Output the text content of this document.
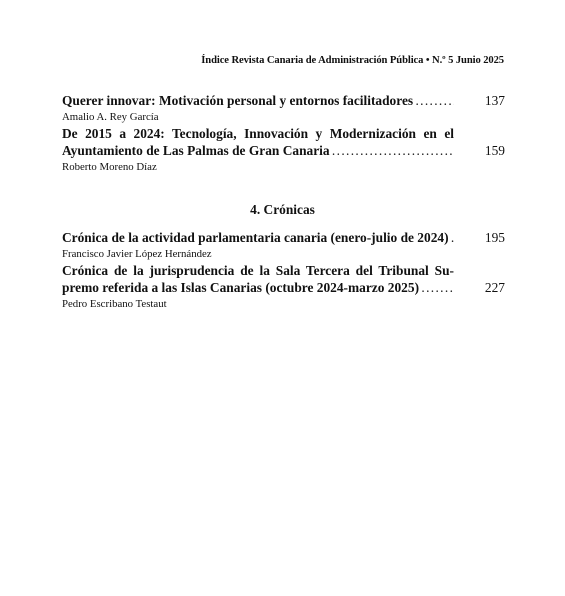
Índice Revista Canaria de Administración Pública • N.º 5 Junio 2025
Querer innovar: Motivación personal y entornos facilitadores . . .	137
Amalio A. Rey García
De 2015 a 2024: Tecnología, Innovación y Modernización en el
Ayuntamiento de Las Palmas de Gran Canaria . . .	159
Roberto Moreno Díaz
4. Crónicas
Crónica de la actividad parlamentaria canaria (enero-julio de 2024) . . .	195
Francisco Javier López Hernández
Crónica de la jurisprudencia de la Sala Tercera del Tribunal Su-
premo referida a las Islas Canarias (octubre 2024-marzo 2025) . . .	227
Pedro Escribano Testaut
